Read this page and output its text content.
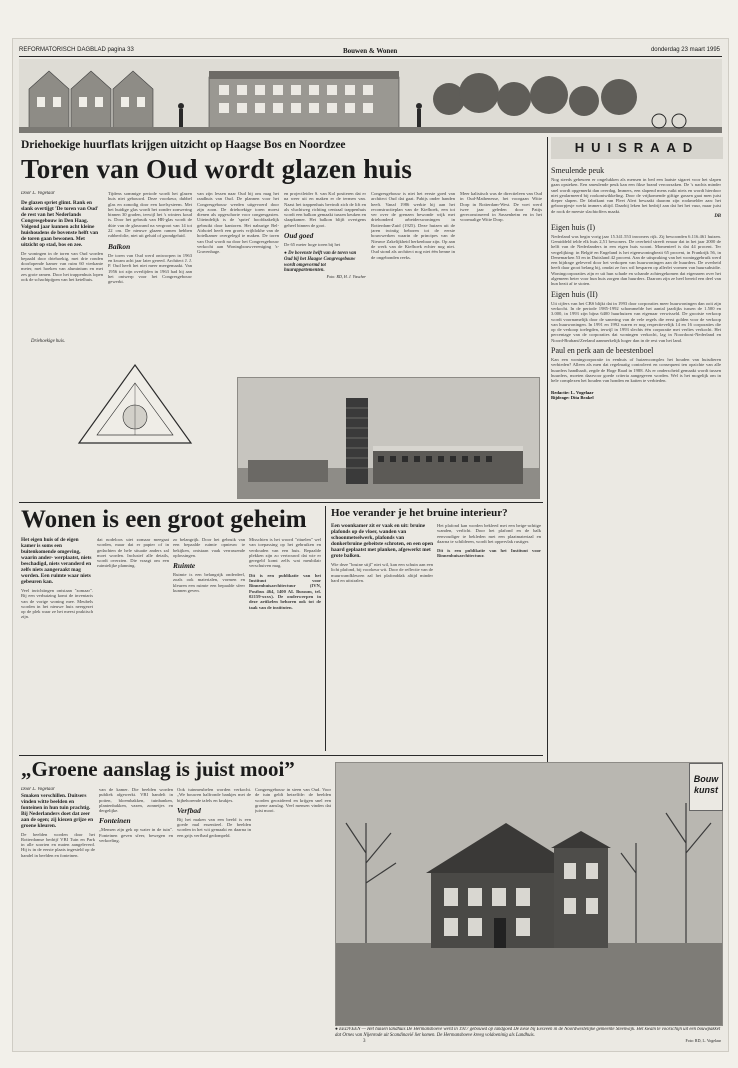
REFORMATORISCH DAGBLAD pagina 33	Bouwen & Wonen	donderdag 23 maart 1995
Driehoekige huurflats krijgen uitzicht op Haagse Bos en Noordzee
Toren van Oud wordt glazen huis
Door L. Vogelaar
De glazen spriet glimt. Rank en slank overtijgt 'De toren van Oud' de rest van het Nederlands Congresgebouw in Den Haag. Volgend jaar kunnen acht kleine huishoudens de bovenste helft van de toren gaan bewonen. Met uitzicht op stad, bos en zee.
De woningen in de toren van Oud worden bepaald door driehoekig, met drie ronden doorlopende kamer van ruim 60 vierkante meter, met hoeken van aluminium en met zes grote ramen. Door het trappenhuis lopen ook de schachtpijpen van het ketelhuis.
Driehoekige huis.
Tijdens sommige periode wordt het glazen huis niet gebouwd. Deze voorkeur, dubbel glas en zonodig door een koelsysteem. Met het huidige glas wordt het zonder zonwering binnen 30 graden, terwijl het 's winters koud is. Door het gebruik van HR-glas wordt de düte van de glaswand na vergroot van 14 tot 22 cm. De nieuwe glazen ramen hebben rubberfolie, niet uit geluid of grondgeluid.
Balkon
De toren van Oud werd ontworpen in 1963 en kwam acht jaar later gereed. Architect J. J. P. Oud heeft het niet meer meegemaakt. Van 1956 tot zijn overlijden in 1963 had hij aan het ontwerp voor het Congresgebouw gewerkt.
van zijn lessen naar Oud bij ons mag het raadhuis van Oud. De plannen voor het Congresgebouw werden uitgevoerd door zijn zoon. De driehoekige toren moest dienen als opgeschorte voor congresgasten. Uiteindelijk is de 'spriet' hoofdzakelijk gebruikt door kantoren. Het naburige Bel-Airhotel heeft een groeis vrijblokhe van de hotelkamer overgelegd te maken. De toren van Oud wordt na door het Congresgebouw verkocht aan Woningbouwvereniging 's-Gravenhage.
en projectleider S. van Kol positeren dat er na weer uit en maken er de termen van. Naast het trappenhuis bevindt zich de lift en als vluchtweg richting centraal trappenhuis wordt een balkon gemaakt tussen keuken en slaapkamer. Het balkon blijft overigens geheel binnen de goot.
Oud goed
De 65 meter hoge toren bij het
● De bovenste helft van de toren van Oud bij het Haagse Congresgebouw wordt omgevormd tot huurappartementen.
Foto: RD, H. J. Visscher
Congresgebouw is niet het eerste goed van architect Oud dat gaat. Pabijs onder handen heeft. Vanaf 1986 werkte hij aan het reconstructieplan van de Kiefhoek, een tot ver over de grenzen bewonde wijk met driehonderd arbeiderswoningen in Rotterdam-Zuid (1925). Deze huizen uit de jaren twintig beboren tot de eerste bouwwerken waarin de principes van de Nieuwe Zakelijkheid herkenbaar zijn. Op aan de werk van de Kiefhoek echter nog niet. Oud stond als architect nog niet één benne in de ongebonden reeks.
Meer kalistisch was de directieleen van Oud in Oud-Mathenesse, het voorgaan Witte Dorp in Rotterdam-West. De voet werd twee jaar geleden door Patijs gereconstrueerd in Sassenheim en in het voormalige Witte Dorp.
HUISRAAD
Smeulende peuk
Nog steeds gebeuren er ongelukken als mensen in bed een laatste sigaret voor het slapen gaan opsteken. Een smeulende peuk kan een fikse brand veroorzaken. De 's nachts minder snel wordt opgemerkt dan overdag. Immers, een slapend mens ruikt niets en wordt hierdoor niet gealarmeerd bij rookontwikkeling. Door de vrijkomende giftige gassen gaat men juist dieper slapen. De fabrikant van Fleet Alert bewaakt daarom zijn rookmelder aan: het geboorpjesje werkt immers altijd. Daarbij leken het bedrijf aan dat het het vuur, maar juist de rook de meeste slachtoffers maakt.
DB
Eigen huis (I)
Nederland was begin vorig jaar 15.341.553 inwoners rijk. Zij bewoonden 6.116.461 huizen. Gemiddeld telde elk huis 2,51 bewoners. De overheid streeft ernaar dat in het jaar 2000 de helft van de Nederlanders in een eigen huis woont. Momenteel is dat 44 procent. Ter vergelijking: in België en Engeland is het eigenwoningbezit 65 procent, in Frankrijk 56, in Denemarken 53 en in Duitsland 42 procent. Aan de uitspraking van het woninggebruik werd een bijdrage geleverd door het verkopen van huurwoningen aan de huurders. De overheid heeft daar groot belang bij, omdat ze fors wil besparen op allerlei vormen van huursubsidie. Woningcorporaties zijn er uit hun schade en schande achtergekomen dat eigenaren over het algemeen beter voor hun huis zorgen dan huurders. Daarom zijn ze heel bereid een deel van hun bezit af te stoten.
Eigen huis (II)
Uit cijfers van het CBS blijkt dat in 1993 door corporaties meer huurwoningen dan ooit zijn verkocht. In de periode 1985-1992 schommelde het aantal jaarlijks tussen de 1.500 en 3.000, in 1993 zijn bijna 6400 huurhuizen van eigenaar verwisseld. De grootste verkoop wordt voornamelijk door de sanering van de vele regels die eerst golden voor de verkoop van huurwoningen. In 1991 en 1992 waren er nog respectievelijk 14 en 16 corporaties die op de verkoop toelegden, terwijl in 1993 slechts één corporatie met verlies verkocht. Het percentage van de corporaties dat woningen verkocht, lag in Noordoost-Nederland en Noord-Brabant/Zeeland aanmerkelijk hoger dan in de rest van het land.
Paul en perk aan de beestenboel
Kan een woningcorporatie in eenhuis of huizencomplex het houden van huisdieren verbieden? Alleen als men dat regelmatig controleert en consequent ten opzichte van alle huurders handhaaft, zegde de Hoge Raad in 1988. Als er onderscheid gemaakt wordt tussen huurders, moeten daarvoor goede criteria aangegeven worden. Wel is het mogelijk om in hele complexen het houden van honden en katten te verbieden.
Redactie: L. Vogelaar
Bijdrage: Dita Brakel
Wonen is een groot geheim
Het eigen huis of de eigen kamer is soms een buitenkomende omgeving, waarin ander- werplaatst, niets beschadigd, niets veranderd en zelfs niets aangeraakt mag worden. Een ruimte waar niets gebeuren kan.
Veel inrichtingen ontstaan "zomaar". Bij een verhuizing komt de inventaris van de vorige woning mee. Meubels worden in het nieuwe huis neergezet op de plek waar ze het meest praktisch zijn.
dat nodeloos uiet zomaar meegaat worden, maar dat er papier of in gedachten de hele situatie anders zal moet worden. Inclusief alle details, wordt overzien. Die vraagt om een ruimtelijke planning.
zo belangrijk. Door het gebruik van een bepaalde ruimte opnieuw te bekijken, ontstaan vaak verrassende oplossingen.
Ruimte
Ruimte is een belangrijk onderdeel, zoals ook materialen, vormen en kleuren een ruimte een bepaalde sfeer kunnen geven.
Misschien is het woord "rituelen" wel van toepassing op het gebruiken en verdouden van een huis. Bepaalde plekken zijn zo vertrouwd dat wie er geregeld komt zelfs wat meubilair verschuiven mag.
Dit is een publikatie van het Instituut voor Binnenhuisarchitectuur (IVN, Postbus 464, 1400 AL Bussum, tel. 02159-xxxx). De onderwerpen in deze artikelen behoren ook tot de taak van de instituten.
Hoe verander je het bruine interieur?
Een woonkamer zit er vaak en uit: bruine plafonds op de vloer, wanden van schoonmetselwerk, plafonds van donkerbruine gebeitste schroten, en een open haard geplaatst met planken, afgewerkt met grote balken.
Wie deze "bruine stijl" niet wil, kan een schuin aan een licht plafond, bij voorkeur wit. Door de reflectie van de muurwandkleuren zal het plafonddak altijd minder hard en uitstralen.
Het plafond kan worden bekleed met een beige-achtige wanden, verlicht. Door het plafond en de balk eenvoudiger te bekleden met een plaatmateriaal en daarna te schilderen, wordt het oppervlak rustiger.
Dit is een publikatie van het Instituut voor Binnenhuisarchitectuur.
„Groene aanslag is juist mooi”
Door L. Vogelaar
Smaken verschillen. Duitsers vinden witte beelden en fonteinen in hun tuin prachtig. Bij Nederlanders doet dat zeer aan de ogen; zij kiezen grijze en groene kleuren.
De beelden worden door het Rotterdamse bedrijf VBI Tuin en Park in alle soorten en maten aangeleverd. Hij is in de eerste plaats ingesteld op de handel in beelden en fonteinen.
van de kamer. Die beelden worden publiek afgewerkt. VBI handelt in potten, bloembakken, tuinbanken, plantenbakken, vazen, zonnetjes en dergelijke.
Fonteinen
„Mensen zijn gek op water in de tuin". Fonteinen geven sfeer, bewegen en verkoeling.
Ook tuinmeubelen worden verkocht. „We bouwen halfronde bankjes met de bijbehorende tafels en krukjes.
Verfbad
Bij het maken van een beeld is een goede mal essentieel. De beelden worden in het wit gemaakt en daarna in een grijs verfbad gedompeld.
Congresgebouw in steen van Oud. Voor de tuin geldt hetzelfde: de beelden worden geoxideerd en krijgen snel een groene aanslag. Veel mensen vinden dat juist mooi.
Bouw kunst
● EEDVEEN — Het huisen landhuis De Hermanshoeve werd in 1917 gebouwd op landgoed De Eese bij Eesveen in de Noordwestelijke gemeente Steenwijk. Het kwam te voorschijn uit een bouwpakket dat Ornes van Nijenrode uit Scandinavië liet komen. De Hermanshoeve kreeg voldoeninig als Landhuis.
Foto: RD, L. Vogelaar
3
